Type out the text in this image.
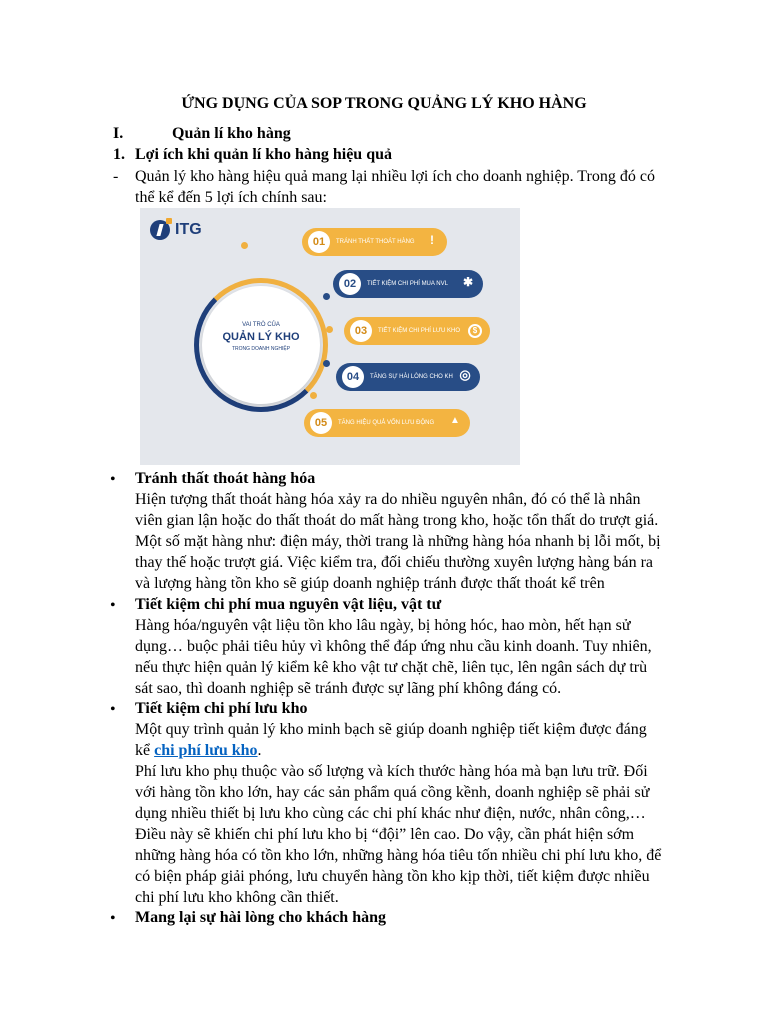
ỨNG DỤNG CỦA SOP TRONG QUẢNG LÝ KHO HÀNG
I.	Quản lí kho hàng
1. Lợi ích khi quản lí kho hàng hiệu quả
- Quản lý kho hàng hiệu quả mang lại nhiều lợi ích cho doanh nghiệp. Trong đó có
thể kể đến 5 lợi ích chính sau:
ITG
VAI TRÒ CỦA
QUẢN LÝ KHO
TRONG DOANH NGHIỆP
01	TRÁNH THẤT THOÁT HÀNG	!
02	TIẾT KIỆM CHI PHÍ MUA NVL ✱
03	TIẾT KIỆM CHI PHÍ LƯU KHO	$
04	TĂNG SỰ HÀI LÒNG CHO KH ◎
05	TĂNG HIỆU QUẢ VỐN LƯU ĐỘNG ▲
• Tránh thất thoát hàng hóa
Hiện tượng thất thoát hàng hóa xảy ra do nhiều nguyên nhân, đó có thể là nhân
viên gian lận hoặc do thất thoát do mất hàng trong kho, hoặc tổn thất do trượt giá.
Một số mặt hàng như: điện máy, thời trang là những hàng hóa nhanh bị lỗi mốt, bị
thay thế hoặc trượt giá. Việc kiểm tra, đối chiếu thường xuyên lượng hàng bán ra
và lượng hàng tồn kho sẽ giúp doanh nghiệp tránh được thất thoát kể trên
• Tiết kiệm chi phí mua nguyên vật liệu, vật tư
Hàng hóa/nguyên vật liệu tồn kho lâu ngày, bị hỏng hóc, hao mòn, hết hạn sử
dụng… buộc phải tiêu hủy vì không thể đáp ứng nhu cầu kinh doanh. Tuy nhiên,
nếu thực hiện quản lý kiểm kê kho vật tư chặt chẽ, liên tục, lên ngân sách dự trù
sát sao, thì doanh nghiệp sẽ tránh được sự lãng phí không đáng có.
• Tiết kiệm chi phí lưu kho
Một quy trình quản lý kho minh bạch sẽ giúp doanh nghiệp tiết kiệm được đáng
kể chi phí lưu kho.
Phí lưu kho phụ thuộc vào số lượng và kích thước hàng hóa mà bạn lưu trữ. Đối
với hàng tồn kho lớn, hay các sản phẩm quá cồng kềnh, doanh nghiệp sẽ phải sử
dụng nhiều thiết bị lưu kho cùng các chi phí khác như điện, nước, nhân công,…
Điều này sẽ khiến chi phí lưu kho bị “đội” lên cao. Do vậy, cần phát hiện sớm
những hàng hóa có tồn kho lớn, những hàng hóa tiêu tốn nhiều chi phí lưu kho, để
có biện pháp giải phóng, lưu chuyển hàng tồn kho kịp thời, tiết kiệm được nhiều
chi phí lưu kho không cần thiết.
• Mang lại sự hài lòng cho khách hàng
